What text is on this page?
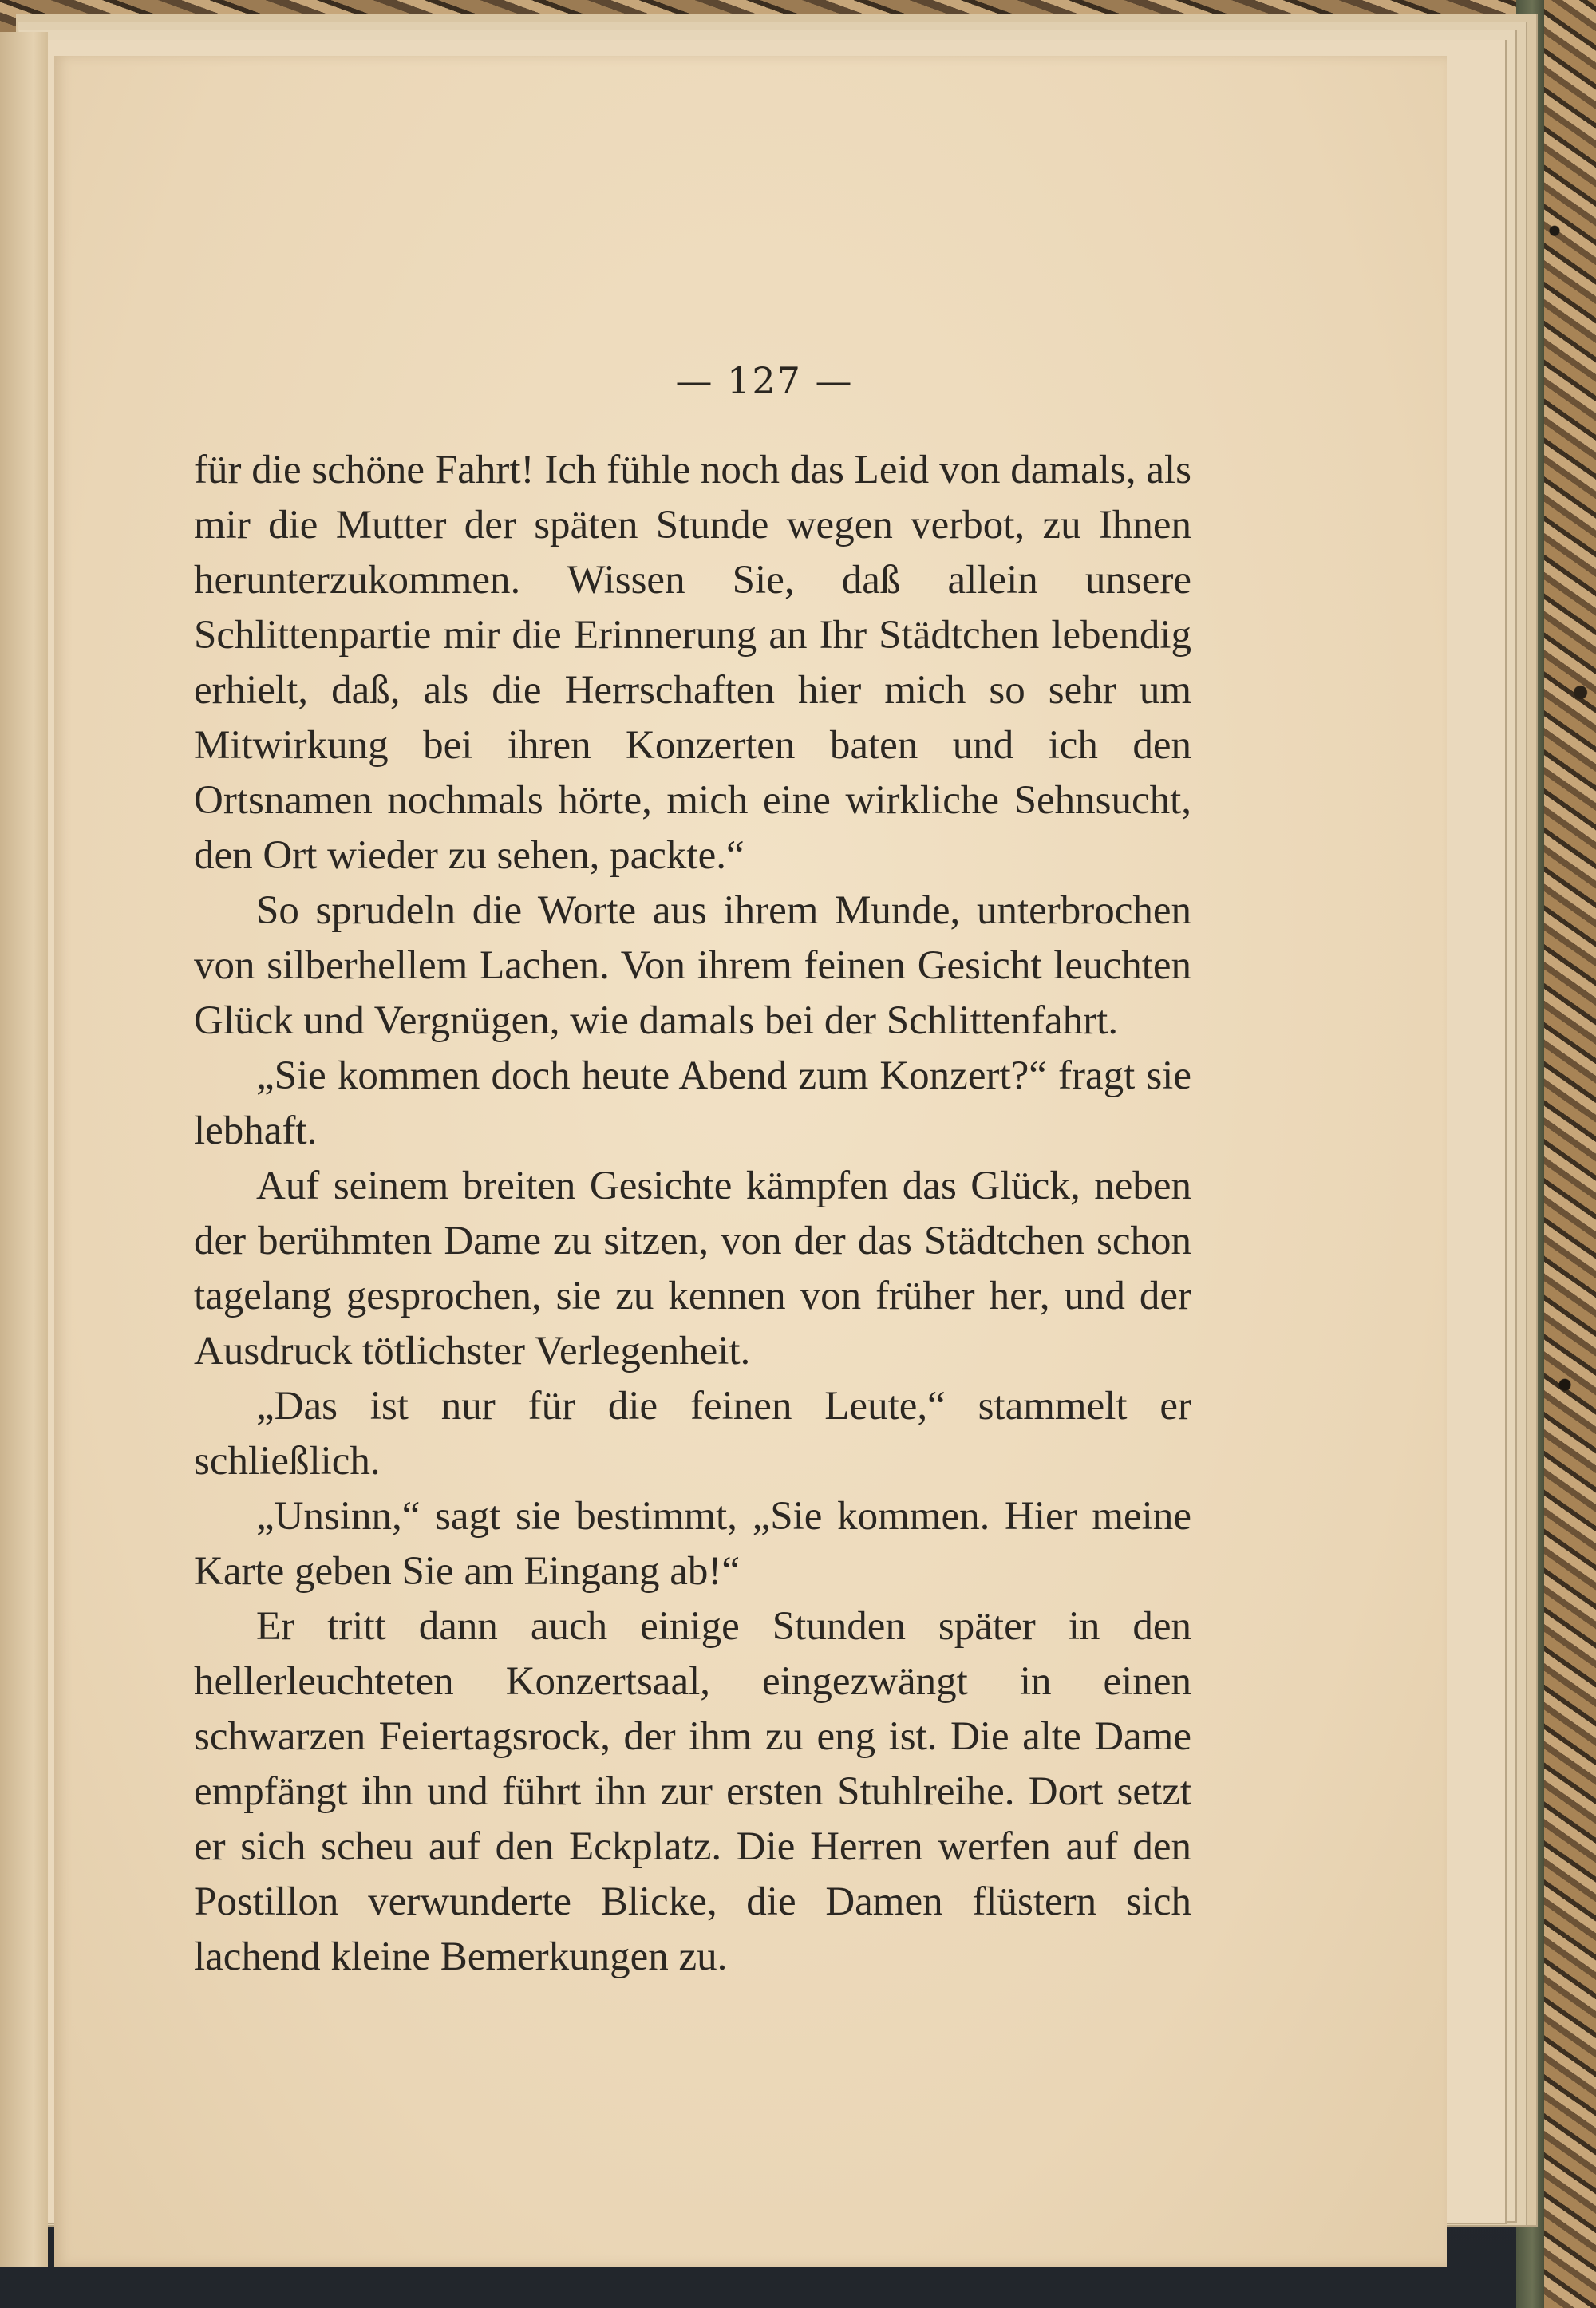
— 127 —

für die schöne Fahrt! Ich fühle noch das Leid von damals, als mir die Mutter der späten Stunde wegen verbot, zu Ihnen herunterzukommen. Wissen Sie, daß allein unsere Schlittenpartie mir die Erinnerung an Ihr Städtchen lebendig erhielt, daß, als die Herrschaften hier mich so sehr um Mitwirkung bei ihren Konzerten baten und ich den Ortsnamen nochmals hörte, mich eine wirkliche Sehnsucht, den Ort wieder zu sehen, packte.“

So sprudeln die Worte aus ihrem Munde, unterbrochen von silberhellem Lachen. Von ihrem feinen Gesicht leuchten Glück und Vergnügen, wie damals bei der Schlittenfahrt.

„Sie kommen doch heute Abend zum Konzert?“ fragt sie lebhaft.

Auf seinem breiten Gesichte kämpfen das Glück, neben der berühmten Dame zu sitzen, von der das Städtchen schon tagelang gesprochen, sie zu kennen von früher her, und der Ausdruck tötlichster Verlegenheit.

„Das ist nur für die feinen Leute,“ stammelt er schließlich.

„Unsinn,“ sagt sie bestimmt, „Sie kommen. Hier meine Karte geben Sie am Eingang ab!“

Er tritt dann auch einige Stunden später in den hellerleuchteten Konzertsaal, eingezwängt in einen schwarzen Feiertagsrock, der ihm zu eng ist. Die alte Dame empfängt ihn und führt ihn zur ersten Stuhlreihe. Dort setzt er sich scheu auf den Eckplatz. Die Herren werfen auf den Postillon verwunderte Blicke, die Damen flüstern sich lachend kleine Bemerkungen zu.
